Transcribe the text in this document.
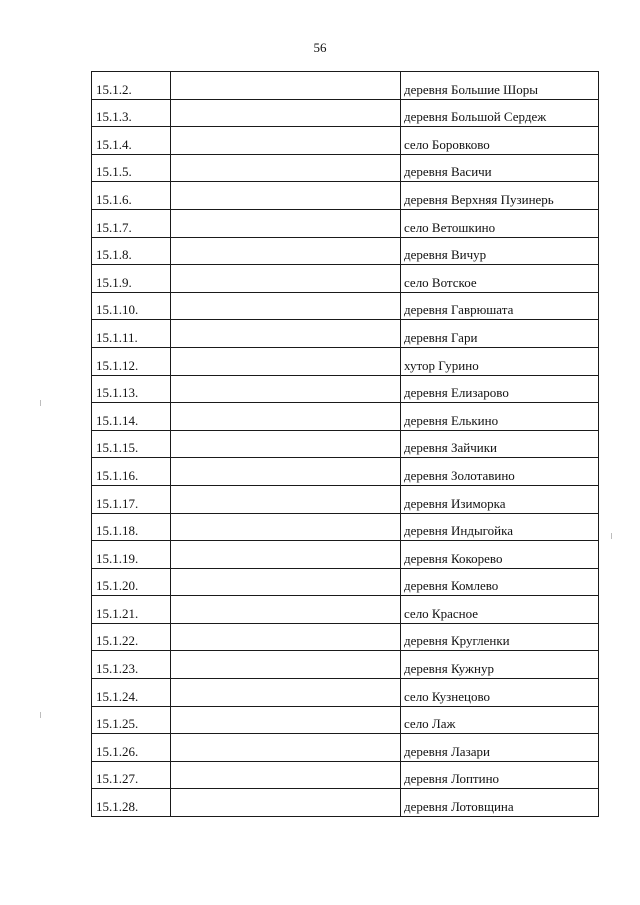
56
15.1.2.		деревня Большие Шоры
15.1.3.		деревня Большой Сердеж
15.1.4.		село Боровково
15.1.5.		деревня Васичи
15.1.6.		деревня Верхняя Пузинерь
15.1.7.		село Ветошкино
15.1.8.		деревня Вичур
15.1.9.		село Вотское
15.1.10.		деревня Гаврюшата
15.1.11.		деревня Гари
15.1.12.		хутор Гурино
15.1.13.		деревня Елизарово
15.1.14.		деревня Елькино
15.1.15.		деревня Зайчики
15.1.16.		деревня Золотавино
15.1.17.		деревня Изиморка
15.1.18.		деревня Индыгойка
15.1.19.		деревня Кокорево
15.1.20.		деревня Комлево
15.1.21.		село Красное
15.1.22.		деревня Кругленки
15.1.23.		деревня Кужнур
15.1.24.		село Кузнецово
15.1.25.		село Лаж
15.1.26.		деревня Лазари
15.1.27.		деревня Лоптино
15.1.28.		деревня Лотовщина
